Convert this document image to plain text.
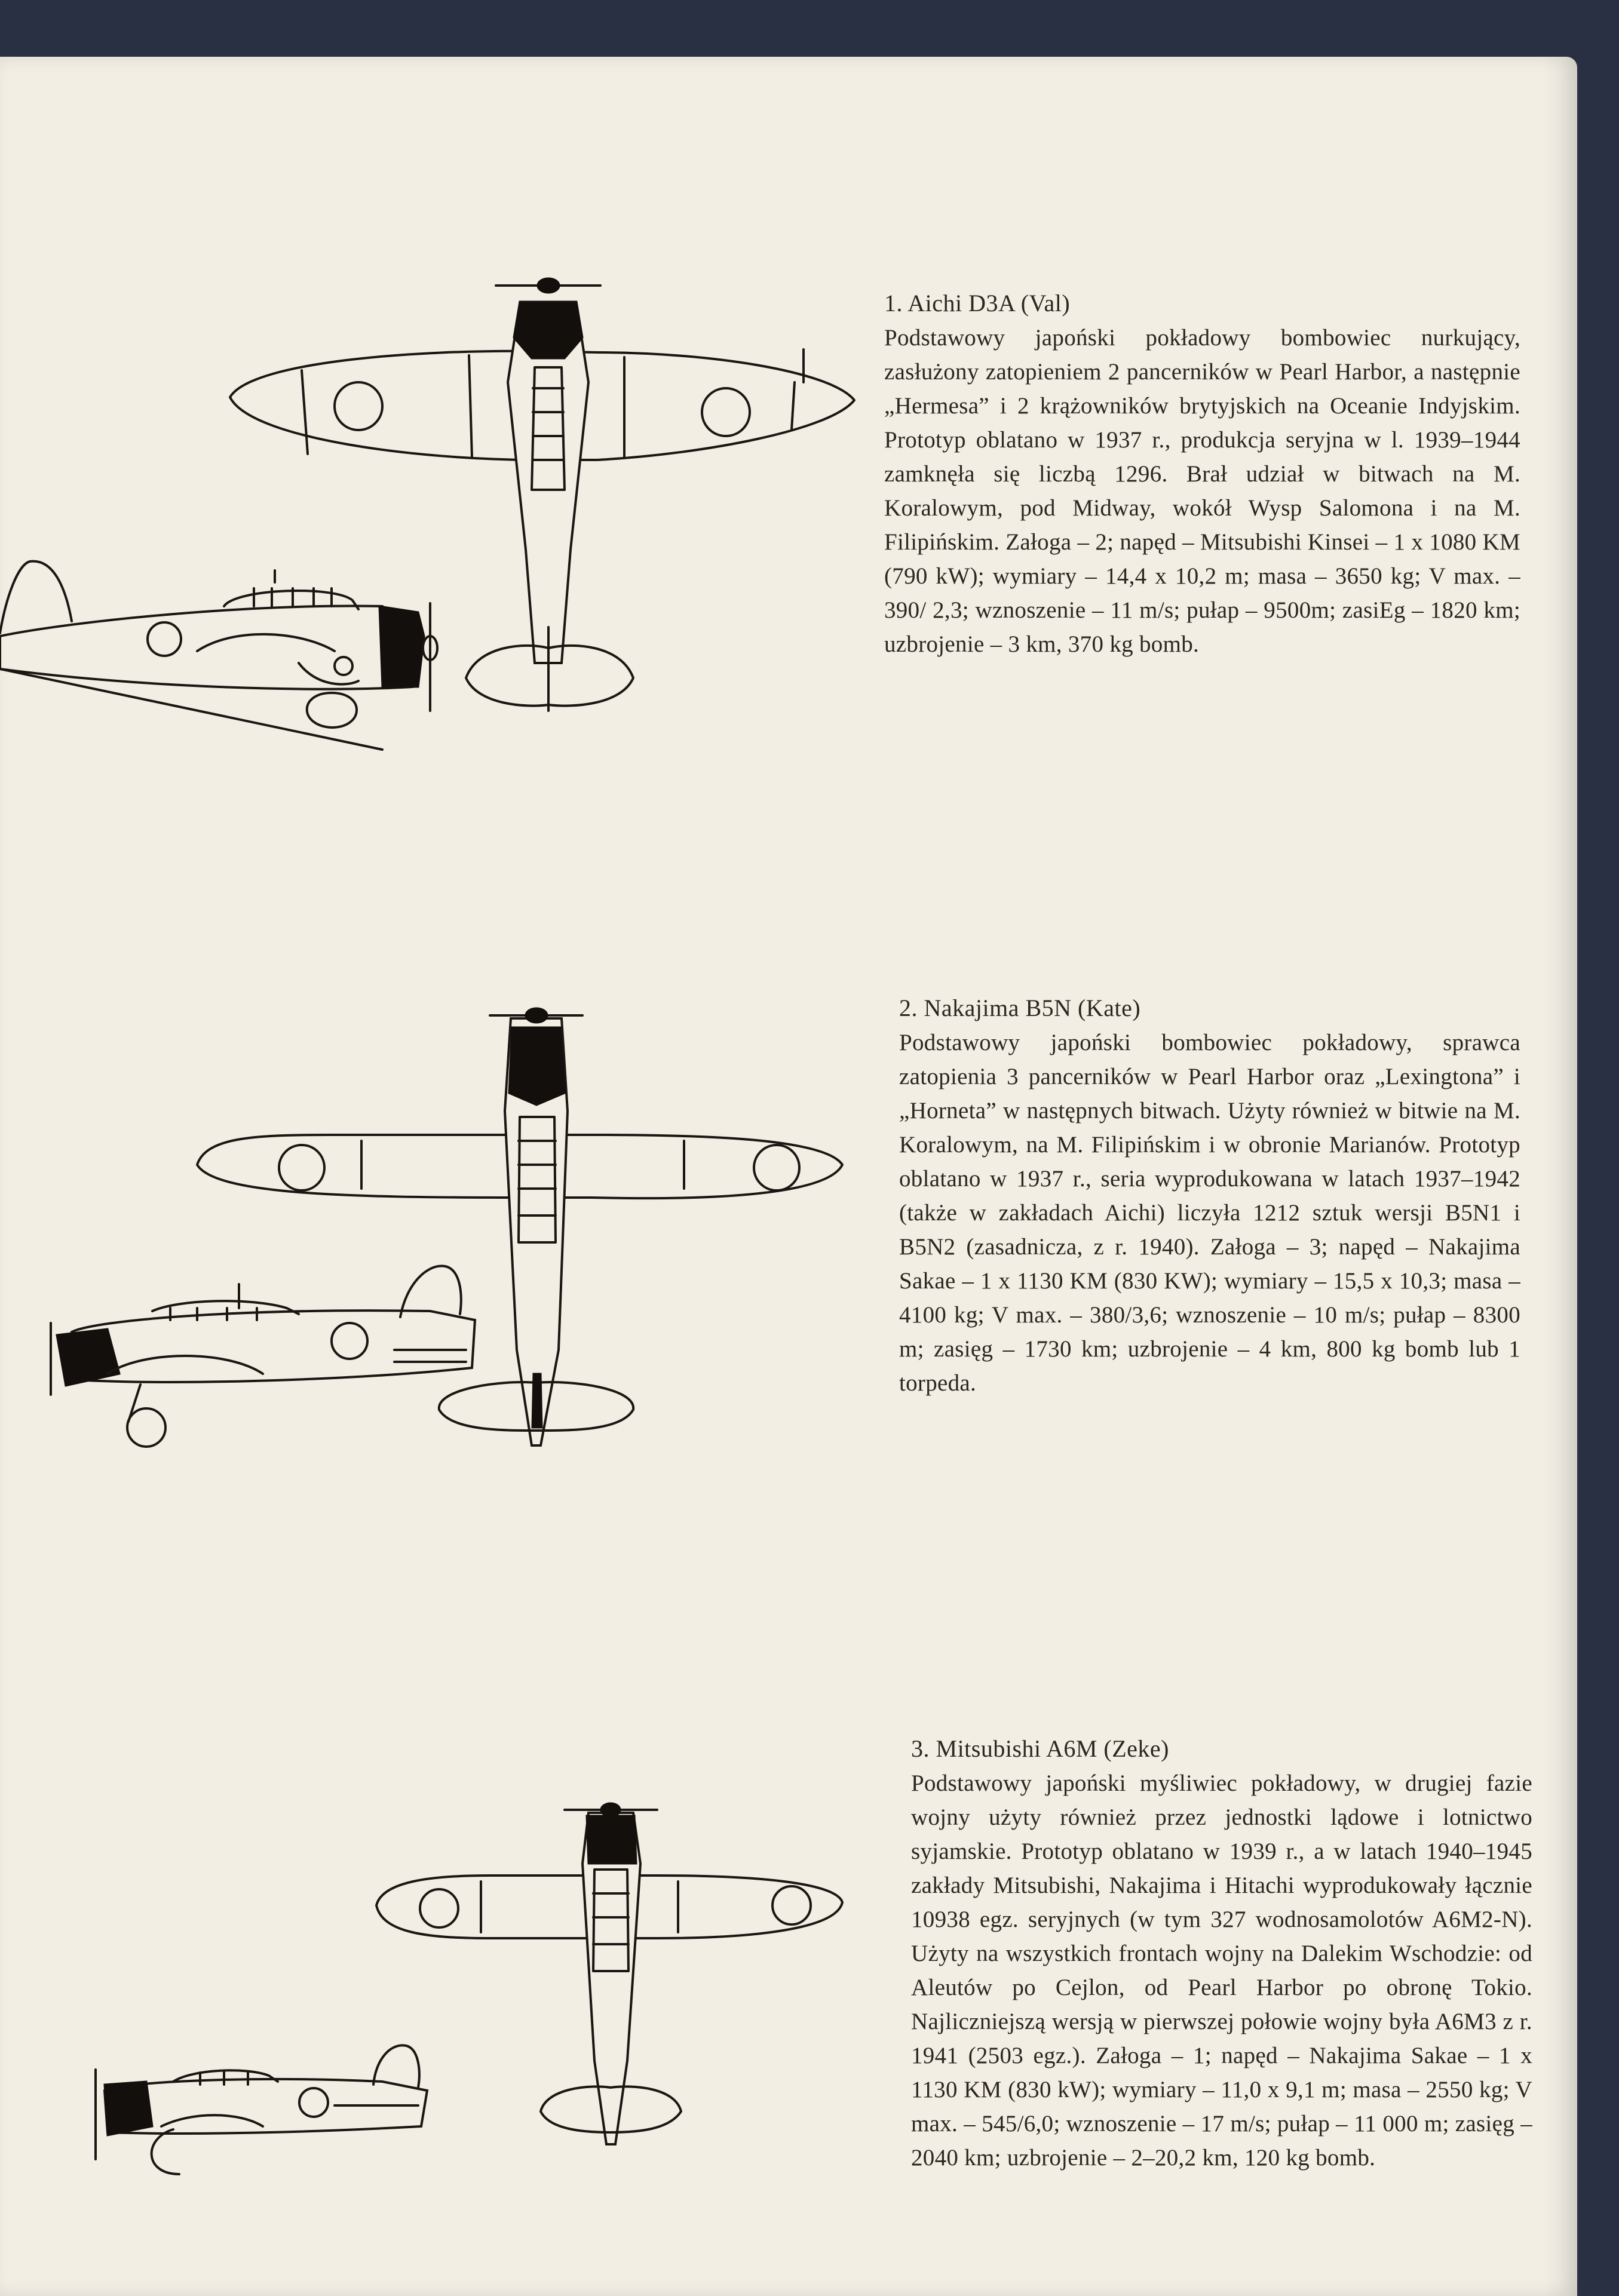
1. Aichi D3A (Val)

Podstawowy japoński pokładowy bombowiec nurkujący, zasłużony zatopieniem 2 pancerników w Pearl Harbor, a następnie „Hermesa” i 2 krążowników brytyjskich na Oceanie Indyjskim. Prototyp oblatano w 1937 r., produkcja seryjna w l. 1939–1944 zamknęła się liczbą 1296. Brał udział w bitwach na M. Koralowym, pod Midway, wokół Wysp Salomona i na M. Filipińskim. Załoga – 2; napęd – Mitsubishi Kinsei – 1 x 1080 KM (790 kW); wymiary – 14,4 x 10,2 m; masa – 3650 kg; V max. – 390/ 2,3; wznoszenie – 11 m/s; pułap – 9500m; zasiEg – 1820 km; uzbrojenie – 3 km, 370 kg bomb.

2. Nakajima B5N (Kate)

Podstawowy japoński bombowiec pokładowy, sprawca zatopienia 3 pancerników w Pearl Harbor oraz „Lexingtona” i „Horneta” w następnych bitwach. Użyty również w bitwie na M. Koralowym, na M. Filipińskim i w obronie Marianów. Prototyp oblatano w 1937 r., seria wyprodukowana w latach 1937–1942 (także w zakładach Aichi) liczyła 1212 sztuk wersji B5N1 i B5N2 (zasadnicza, z r. 1940). Załoga – 3; napęd – Nakajima Sakae – 1 x 1130 KM (830 KW); wymiary – 15,5 x 10,3; masa – 4100 kg; V max. – 380/3,6; wznoszenie – 10 m/s; pułap – 8300 m; zasięg – 1730 km; uzbrojenie – 4 km, 800 kg bomb lub 1 torpeda.

3. Mitsubishi A6M (Zeke)

Podstawowy japoński myśliwiec pokładowy, w drugiej fazie wojny użyty również przez jednostki lądowe i lotnictwo syjamskie. Prototyp oblatano w 1939 r., a w latach 1940–1945 zakłady Mitsubishi, Nakajima i Hitachi wyprodukowały łącznie 10938 egz. seryjnych (w tym 327 wodnosamolotów A6M2-N). Użyty na wszystkich frontach wojny na Dalekim Wschodzie: od Aleutów po Cejlon, od Pearl Harbor po obronę Tokio. Najliczniejszą wersją w pierwszej połowie wojny była A6M3 z r. 1941 (2503 egz.). Załoga – 1; napęd – Nakajima Sakae – 1 x 1130 KM (830 kW); wymiary – 11,0 x 9,1 m; masa – 2550 kg; V max. – 545/6,0; wznoszenie – 17 m/s; pułap – 11 000 m; zasięg – 2040 km; uzbrojenie – 2–20,2 km, 120 kg bomb.
